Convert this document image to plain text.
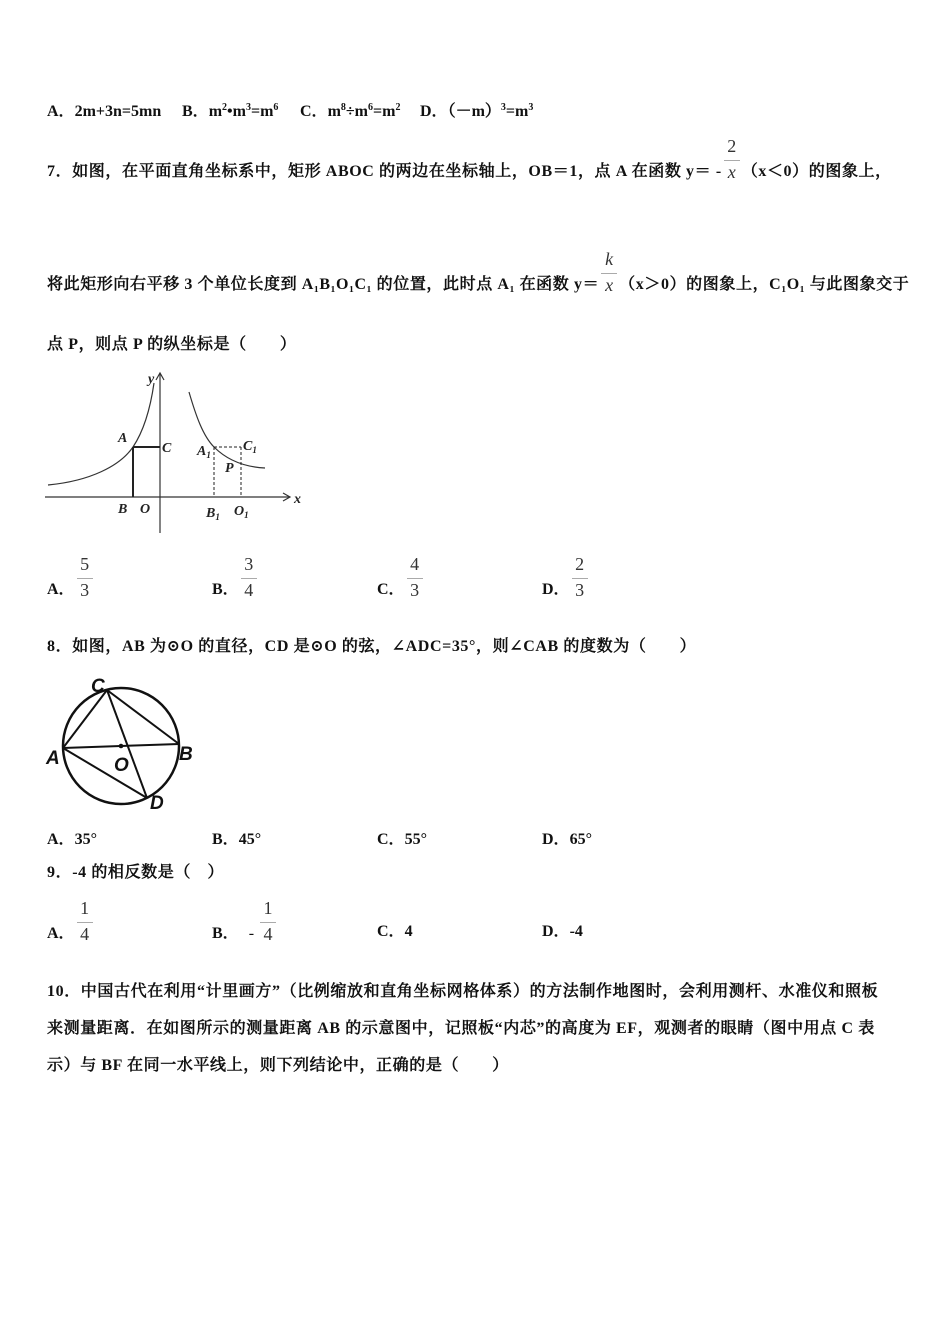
A．2m+3n=5mn B．$m^2•m^3=m^6$ C．$m^8\div m^6=m^2$ D．$(-m)^3=m^3$
7．如图，在平面直角坐标系中，矩形 ABOC 的两边在坐标轴上，OB＝1，点 A 在函数 $y= - \frac{2}{x} (x<0)$的图象上，
将此矩形向右平移 3 个单位长度到 A₁B₁O₁C₁ 的位置，此时点 A₁ 在函数 $y= \frac{k}{x} (x>0)$的图象上，C₁O₁ 与此图象交于
点 P，则点 P 的纵坐标是（　　）
y
x
A
C
B O
P
$A_1$
$C_1$
$B_1$ $O_1$
A． $\frac{5}{3}$	B． $\frac{3}{4}$	C． $\frac{4}{3}$	D． $\frac{2}{3}$
8．如图，AB 为⊙O 的直径，CD 是⊙O 的弦，∠ADC=35°，则∠CAB 的度数为（　　）
C
A	B
O
D
A．35°	B．45°	C．55°	D．65°
9．-4 的相反数是（　）
A． $\frac{1}{4}$	B． - $\frac{1}{4}$	C．4	D．-4
10．中国古代在利用“计里画方”（比例缩放和直角坐标网格体系）的方法制作地图时，会利用测杆、水准仪和照板
来测量距离．在如图所示的测量距离 AB 的示意图中，记照板“内芯”的高度为 EF，观测者的眼睛（图中用点 C 表
示）与 BF 在同一水平线上，则下列结论中，正确的是（　　）
